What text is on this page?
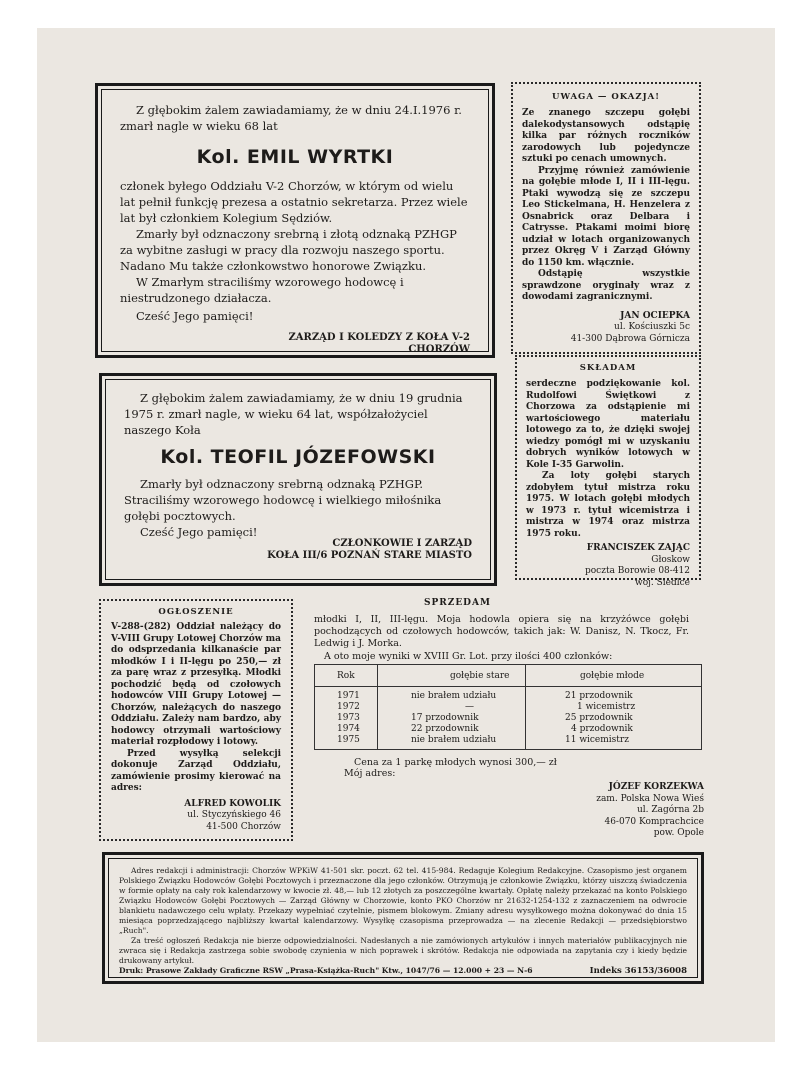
Z głębokim żalem zawiadamiamy, że w dniu 24.I.1976 r. zmarł nagle w wieku 68 lat

Kol. EMIL WYRTKI

członek byłego Oddziału V-2 Chorzów, w którym od wielu lat pełnił funkcję prezesa a ostatnio sekretarza. Przez wiele lat był członkiem Kolegium Sędziów.

Zmarły był odznaczony srebrną i złotą odznaką PZHGP za wybitne zasługi w pracy dla rozwoju naszego sportu. Nadano Mu także członkowstwo honorowe Związku.

W Zmarłym straciliśmy wzorowego hodowcę i niestrudzonego działacza.

Cześć Jego pamięci!

ZARZĄD I KOLEDZY Z KOŁA V-2

CHORZÓW

Z głębokim żalem zawiadamiamy, że w dniu 19 grudnia 1975 r. zmarł nagle, w wieku 64 lat, współzałożyciel naszego Koła

Kol. TEOFIL JÓZEFOWSKI

Zmarły był odznaczony srebrną odznaką PZHGP.

Straciliśmy wzorowego hodowcę i wielkiego miłośnika gołębi pocztowych.

Cześć Jego pamięci!

CZŁONKOWIE I ZARZĄD

KOŁA III/6 POZNAŃ STARE MIASTO

UWAGA — OKAZJA!

Ze znanego szczepu gołębi dalekodystansowych odstąpię kilka par różnych roczników zarodowych lub pojedyncze sztuki po cenach umownych.

Przyjmę również zamówienie na gołębie młode I, II i III-lęgu. Ptaki wywodzą się ze szczepu Leo Stickelmana, H. Henzelera z Osnabrick oraz Delbara i Catrysse. Ptakami moimi biorę udział w lotach organizowanych przez Okręg V i Zarząd Główny do 1150 km. włącznie.

Odstąpię wszystkie sprawdzone oryginały wraz z dowodami zagranicznymi.

JAN OCIEPKA

ul. Kościuszki 5c

41-300 Dąbrowa Górnicza

SKŁADAM

serdeczne podziękowanie kol. Rudolfowi Świętkowi z Chorzowa za odstąpienie mi wartościowego materiału lotowego za to, że dzięki swojej wiedzy pomógł mi w uzyskaniu dobrych wyników lotowych w Kole I-35 Garwolin.

Za loty gołębi starych zdobyłem tytuł mistrza roku 1975. W lotach gołębi młodych w 1973 r. tytuł wicemistrza i mistrza w 1974 oraz mistrza 1975 roku.

FRANCISZEK ZAJĄC

Głoskow

poczta Borowie 08-412

woj. Siedlce

OGŁOSZENIE

V-288-(282) Oddział należący do V-VIII Grupy Lotowej Chorzów ma do odsprzedania kilkanaście par młodków I i II-lęgu po 250,— zł za parę wraz z przesyłką. Młodki pochodzić będą od czołowych hodowców VIII Grupy Lotowej — Chorzów, należących do naszego Oddziału. Zależy nam bardzo, aby hodowcy otrzymali wartościowy materiał rozpłodowy i lotowy.

Przed wysyłką selekcji dokonuje Zarząd Oddziału, zamówienie prosimy kierować na adres:

ALFRED KOWOLIK

ul. Styczyńskiego 46

41-500 Chorzów

SPRZEDAM

młodki I, II, III-lęgu. Moja hodowla opiera się na krzyżówce gołębi pochodzących od czołowych hodowców, takich jak: W. Danisz, N. Tkocz, Fr. Ledwig i J. Morka.

A oto moje wyniki w XVIII Gr. Lot. przy ilości 400 członków:

Rok	gołębie stare	gołębie młode
1971	nie brałem udziału	21 przodownik
1972	—	1 wicemistrz
1973	17 przodownik	25 przodownik
1974	22 przodownik	4 przodownik
1975	nie brałem udziału	11 wicemistrz

Cena za 1 parkę młodych wynosi 300,— zł

Mój adres:

JÓZEF KORZEKWA

zam. Polska Nowa Wieś

ul. Zagórna 2b

46-070 Komprachcice

pow. Opole

Adres redakcji i administracji: Chorzów WPKiW 41-501 skr. poczt. 62 tel. 415-984. Redaguje Kolegium Redakcyjne. Czasopismo jest organem Polskiego Związku Hodowców Gołębi Pocztowych i przeznaczone dla jego członków. Otrzymują je członkowie Związku, którzy uiszczą świadczenia w formie opłaty na cały rok kalendarzowy w kwocie zł. 48,— lub 12 złotych za poszczególne kwartały. Opłatę należy przekazać na konto Polskiego Związku Hodowców Gołębi Pocztowych — Zarząd Główny w Chorzowie, konto PKO Chorzów nr 21632-1254-132 z zaznaczeniem na odwrocie blankietu nadawczego celu wpłaty. Przekazy wypełniać czytelnie, pismem blokowym. Zmiany adresu wysyłkowego można dokonywać do dnia 15 miesiąca poprzedzającego najbliższy kwartał kalendarzowy. Wysyłkę czasopisma przeprowadza — na zlecenie Redakcji — przedsiębiorstwo „Ruch".

Za treść ogłoszeń Redakcja nie bierze odpowiedzialności. Nadesłanych a nie zamówionych artykułów i innych materiałów publikacyjnych nie zwraca się i Redakcja zastrzega sobie swobodę czynienia w nich poprawek i skrótów. Redakcja nie odpowiada na zapytania czy i kiedy będzie drukowany artykuł.

Druk: Prasowe Zakłady Graficzne RSW „Prasa-Książka-Ruch" Ktw., 1047/76 — 12.000 + 23 — N-6	Indeks 36153/36008
